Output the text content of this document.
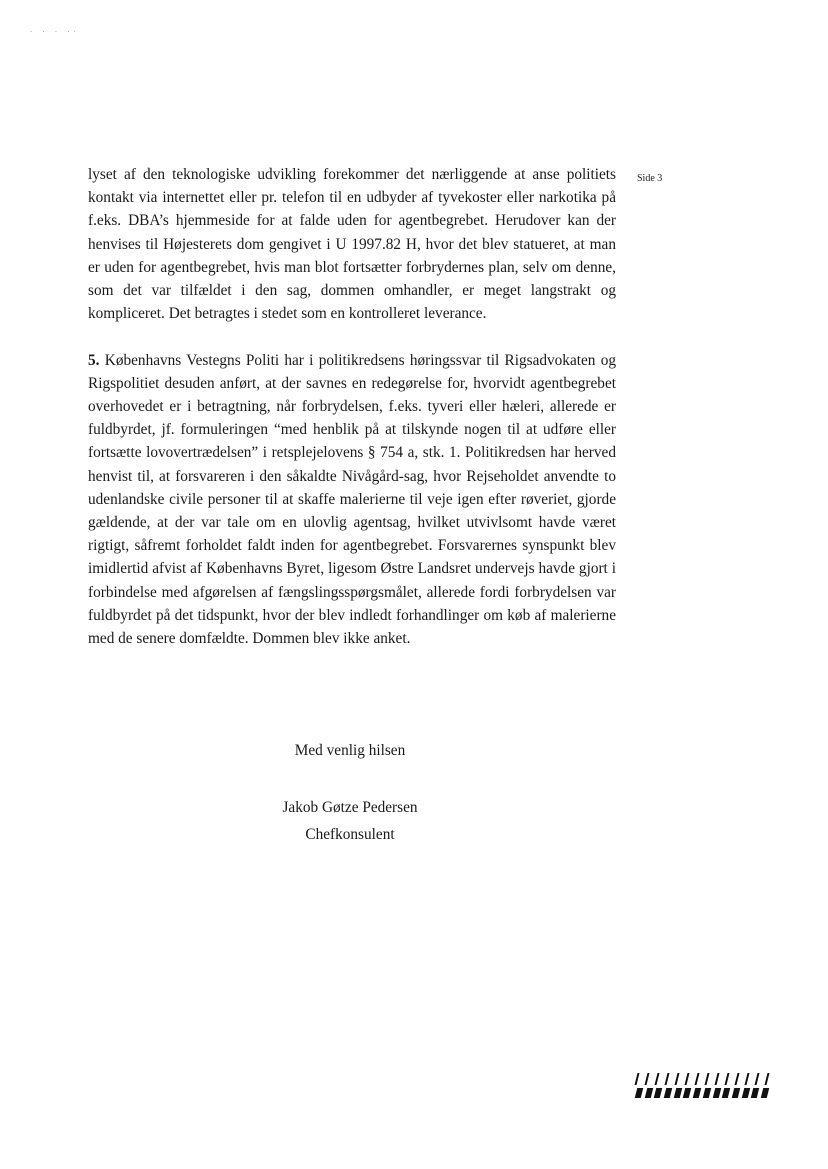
· · · ··
Side 3

lyset af den teknologiske udvikling forekommer det nærliggende at anse politiets kontakt via internettet eller pr. telefon til en udbyder af tyvekoster eller narkotika på f.eks. DBA’s hjemmeside for at falde uden for agentbegrebet. Herudover kan der henvises til Højesterets dom gengivet i U 1997.82 H, hvor det blev statueret, at man er uden for agentbegrebet, hvis man blot fortsætter forbrydernes plan, selv om denne, som det var tilfældet i den sag, dommen omhandler, er meget langstrakt og kompliceret. Det betragtes i stedet som en kontrolleret leverance.

5. Københavns Vestegns Politi har i politikredsens høringssvar til Rigsadvokaten og Rigspolitiet desuden anført, at der savnes en redegørelse for, hvorvidt agentbegrebet overhovedet er i betragtning, når forbrydelsen, f.eks. tyveri eller hæleri, allerede er fuldbyrdet, jf. formuleringen “med henblik på at tilskynde nogen til at udføre eller fortsætte lovovertrædelsen” i retsplejelovens § 754 a, stk. 1. Politikredsen har herved henvist til, at forsvareren i den såkaldte Nivågård-sag, hvor Rejseholdet anvendte to udenlandske civile personer til at skaffe malerierne til veje igen efter røveriet, gjorde gældende, at der var tale om en ulovlig agentsag, hvilket utvivlsomt havde været rigtigt, såfremt forholdet faldt inden for agentbegrebet. Forsvarernes synspunkt blev imidlertid afvist af Københavns Byret, ligesom Østre Landsret undervejs havde gjort i forbindelse med afgørelsen af fængslingsspørgsmålet, allerede fordi forbrydelsen var fuldbyrdet på det tidspunkt, hvor der blev indledt forhandlinger om køb af malerierne med de senere domfældte. Dommen blev ikke anket.

Med venlig hilsen
Jakob Gøtze Pedersen
Chefkonsulent
